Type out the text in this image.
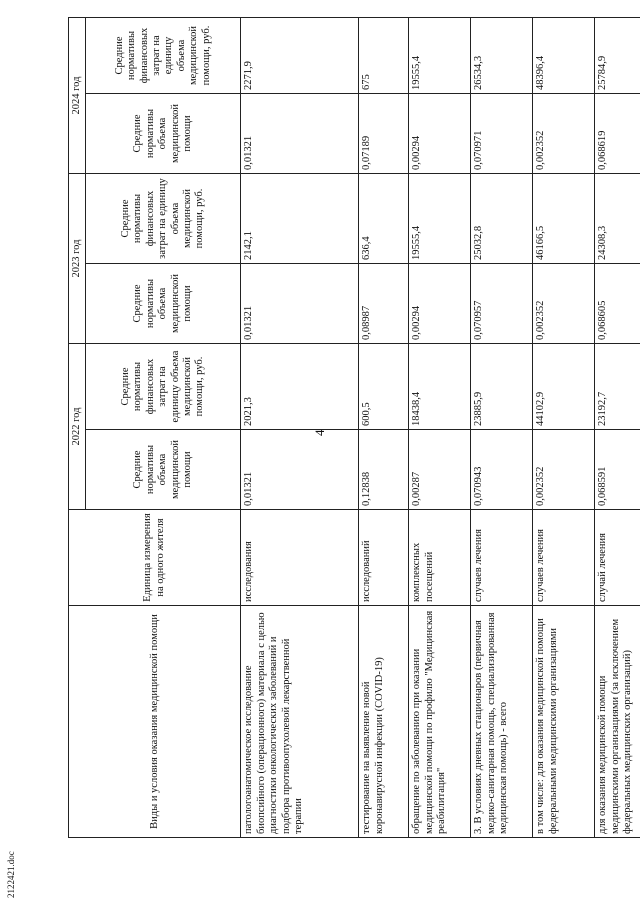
4
Виды и условия оказания медицинской помощи	Единица измерения на одного жителя	2022 год		2023 год		2024 год	
		Средние нормативы объема медицинской помощи	Средние нормативы финансовых затрат на единицу объема медицинской помощи, руб.	Средние нормативы объема медицинской помощи	Средние нормативы финансовых затрат на единицу объема медицинской помощи, руб.	Средние нормативы объема медицинской помощи	Средние нормативы финансовых затрат на единицу объема медицинской помощи, руб.
патологоанатомическое исследование биопсийного (операционного) материала с целью диагностики онкологических заболеваний и подбора противоопухолевой лекарственной терапии	исследования	0,01321	2021,3	0,01321	2142,1	0,01321	2271,9
тестирование на выявление новой коронавирусной инфекции (COVID-19)	исследований	0,12838	600,5	0,08987	636,4	0,07189	675
обращение по заболеванию при оказании медицинской помощи по профилю "Медицинская реабилитация"	комплексных посещений	0,00287	18438,4	0,00294	19555,4	0,00294	19555,4
3. В условиях дневных стационаров (первичная медико-санитарная помощь, специализированная медицинская помощь) - всего	случаев лечения	0,070943	23885,9	0,070957	25032,8	0,070971	26534,3
в том числе: для оказания медицинской помощи федеральными медицинскими организациями	случаев лечения	0,002352	44102,9	0,002352	46166,5	0,002352	48396,4
для оказания медицинской помощи медицинскими организациями (за исключением федеральных медицинских организаций)	случай лечения	0,068591	23192,7	0,068605	24308,3	0,068619	25784,9
2122421.doc
